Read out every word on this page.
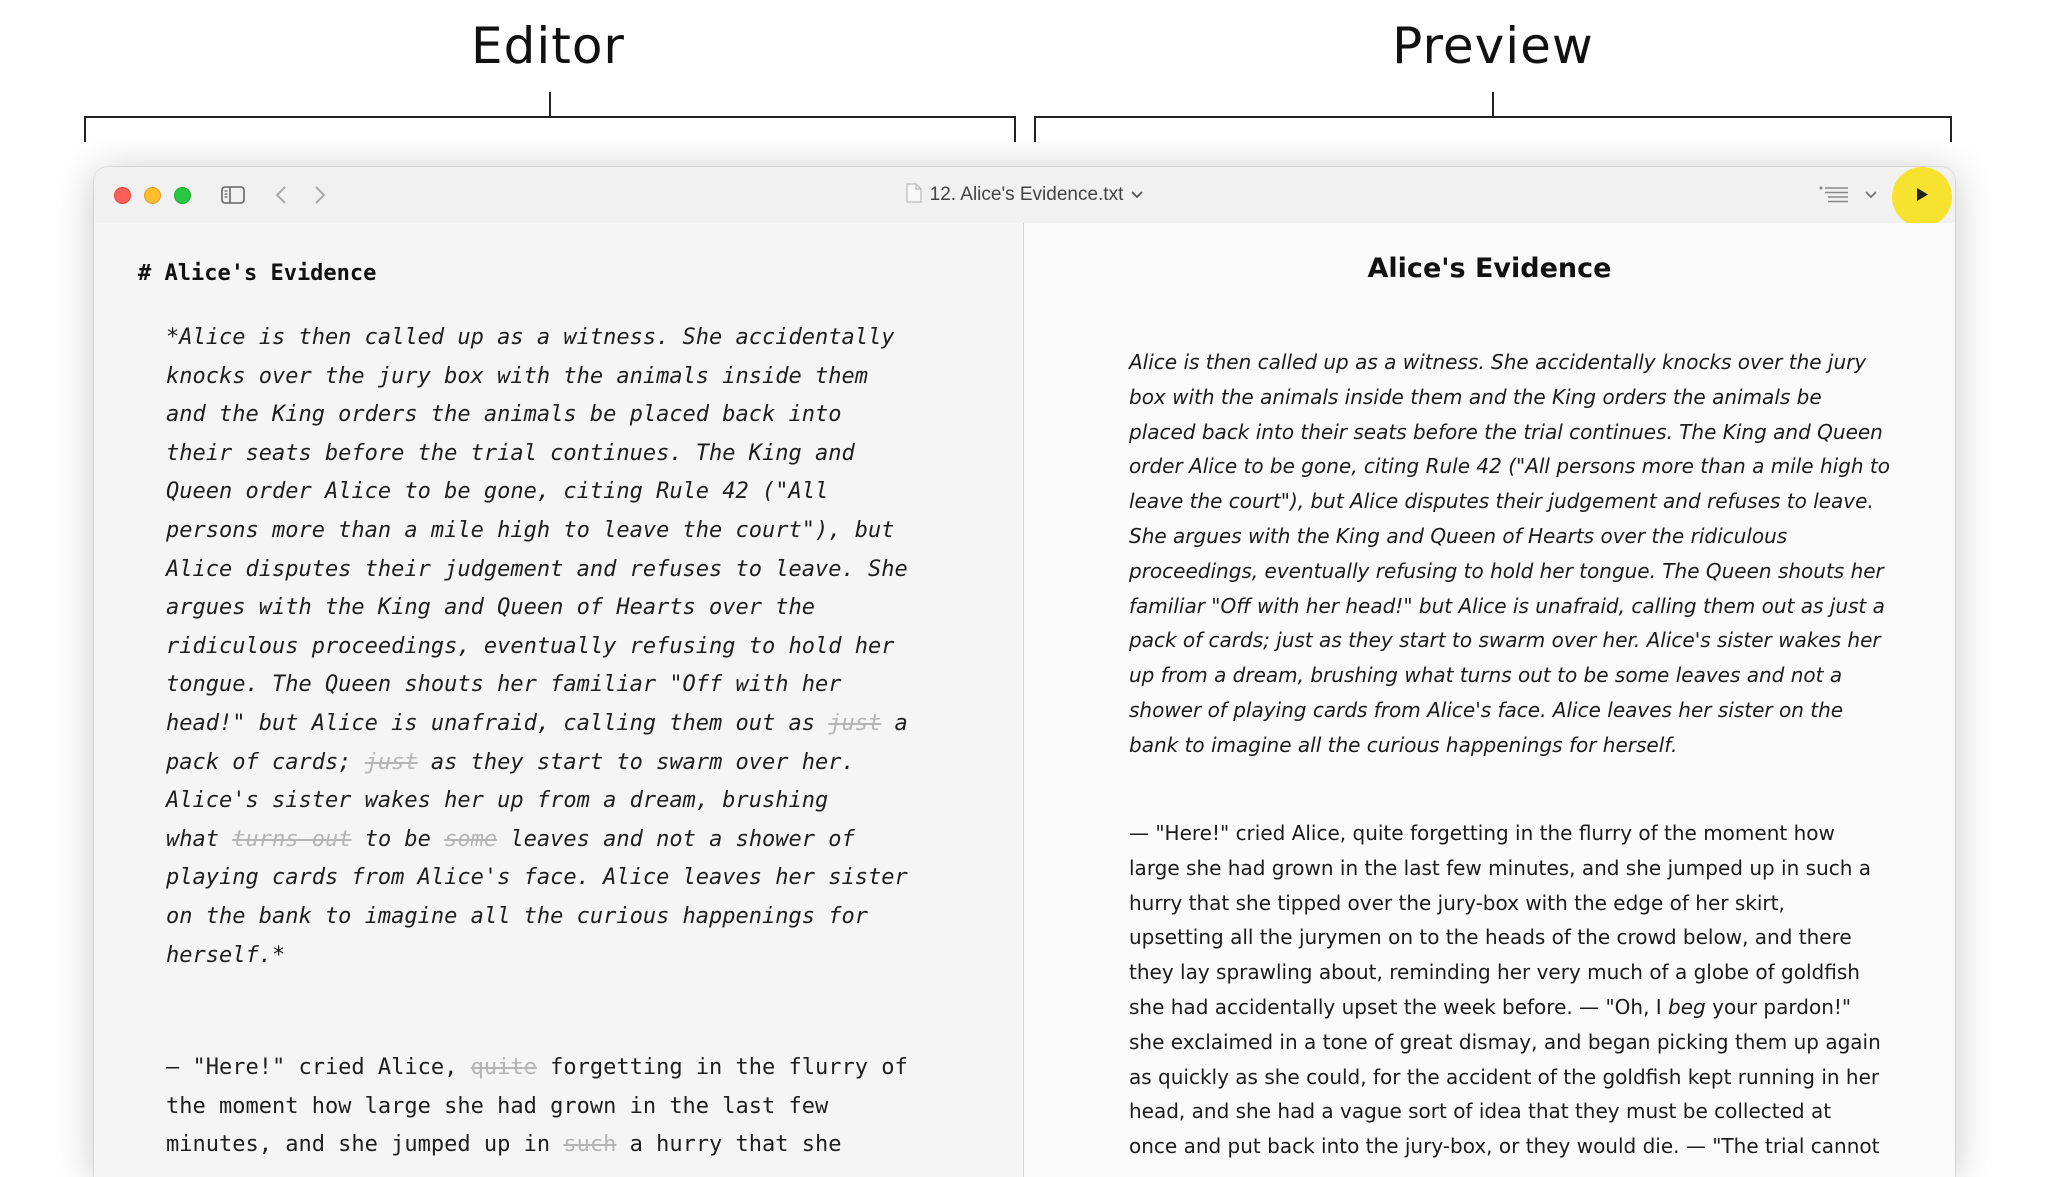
Editor	Preview
12. Alice's Evidence.txt
# Alice's Evidence
*Alice is then called up as a witness. She accidentally
knocks over the jury box with the animals inside them
and the King orders the animals be placed back into
their seats before the trial continues. The King and
Queen order Alice to be gone, citing Rule 42 ("All
persons more than a mile high to leave the court"), but
Alice disputes their judgement and refuses to leave. She
argues with the King and Queen of Hearts over the
ridiculous proceedings, eventually refusing to hold her
tongue. The Queen shouts her familiar "Off with her
head!" but Alice is unafraid, calling them out as just a
pack of cards; just as they start to swarm over her.
Alice's sister wakes her up from a dream, brushing
what turns out to be some leaves and not a shower of
playing cards from Alice's face. Alice leaves her sister
on the bank to imagine all the curious happenings for
herself.*
— "Here!" cried Alice, quite forgetting in the flurry of
the moment how large she had grown in the last few
minutes, and she jumped up in such a hurry that she
Alice's Evidence
Alice is then called up as a witness. She accidentally knocks over the jury
box with the animals inside them and the King orders the animals be
placed back into their seats before the trial continues. The King and Queen
order Alice to be gone, citing Rule 42 ("All persons more than a mile high to
leave the court"), but Alice disputes their judgement and refuses to leave.
She argues with the King and Queen of Hearts over the ridiculous
proceedings, eventually refusing to hold her tongue. The Queen shouts her
familiar "Off with her head!" but Alice is unafraid, calling them out as just a
pack of cards; just as they start to swarm over her. Alice's sister wakes her
up from a dream, brushing what turns out to be some leaves and not a
shower of playing cards from Alice's face. Alice leaves her sister on the
bank to imagine all the curious happenings for herself.
— "Here!" cried Alice, quite forgetting in the flurry of the moment how
large she had grown in the last few minutes, and she jumped up in such a
hurry that she tipped over the jury-box with the edge of her skirt,
upsetting all the jurymen on to the heads of the crowd below, and there
they lay sprawling about, reminding her very much of a globe of goldfish
she had accidentally upset the week before. — "Oh, I beg your pardon!"
she exclaimed in a tone of great dismay, and began picking them up again
as quickly as she could, for the accident of the goldfish kept running in her
head, and she had a vague sort of idea that they must be collected at
once and put back into the jury-box, or they would die. — "The trial cannot
